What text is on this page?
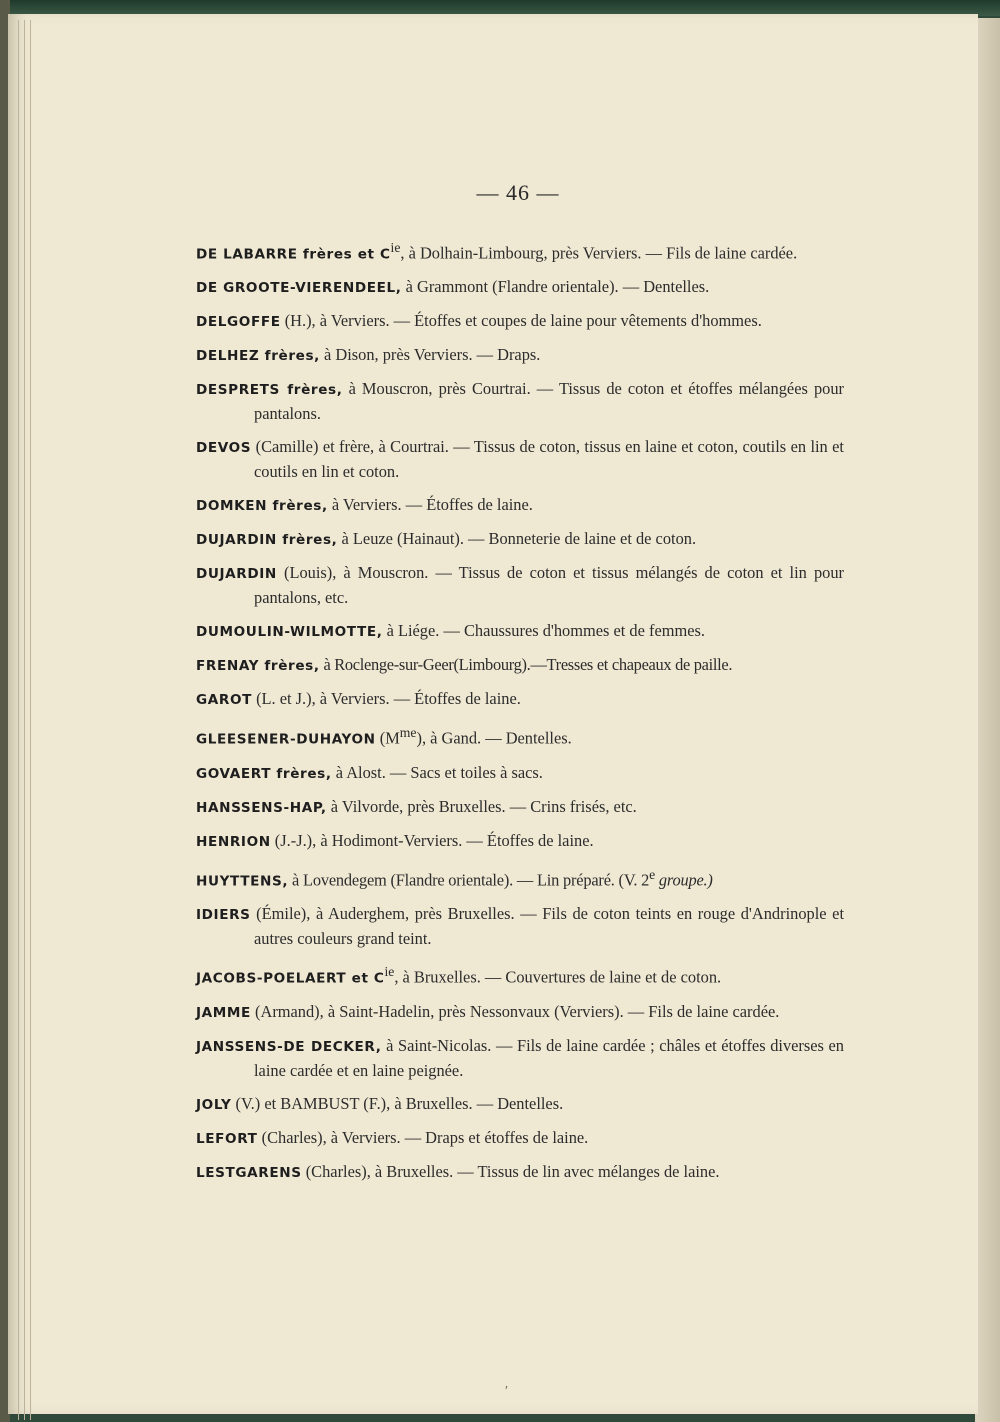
— 46 —

DE LABARRE frères et $C^{ie}$, à Dolhain-Limbourg, près Verviers. — Fils de laine cardée.

DE GROOTE-VIERENDEEL, à Grammont (Flandre orientale). — Dentelles.

DELGOFFE (H.), à Verviers. — Étoffes et coupes de laine pour vêtements d'hommes.

DELHEZ frères, à Dison, près Verviers. — Draps.

DESPRETS frères, à Mouscron, près Courtrai. — Tissus de coton et étoffes mélangées pour pantalons.

DEVOS (Camille) et frère, à Courtrai. — Tissus de coton, tissus en laine et coton, coutils en lin et coutils en lin et coton.

DOMKEN frères, à Verviers. — Étoffes de laine.

DUJARDIN frères, à Leuze (Hainaut). — Bonneterie de laine et de coton.

DUJARDIN (Louis), à Mouscron. — Tissus de coton et tissus mélangés de coton et lin pour pantalons, etc.

DUMOULIN-WILMOTTE, à Liége. — Chaussures d'hommes et de femmes.

FRENAY frères, à Roclenge-sur-Geer(Limbourg).—Tresses et chapeaux de paille.

GAROT (L. et J.), à Verviers. — Étoffes de laine.

GLEESENER-DUHAYON $(M^{me})$, à Gand. — Dentelles.

GOVAERT frères, à Alost. — Sacs et toiles à sacs.

HANSSENS-HAP, à Vilvorde, près Bruxelles. — Crins frisés, etc.

HENRION (J.-J.), à Hodimont-Verviers. — Étoffes de laine.

HUYTTENS, à Lovendegem (Flandre orientale). — Lin préparé. (V. 2e groupe.)

IDIERS (Émile), à Auderghem, près Bruxelles. — Fils de coton teints en rouge d'Andrinople et autres couleurs grand teint.

JACOBS-POELAERT et $C^{ie}$, à Bruxelles. — Couvertures de laine et de coton.

JAMME (Armand), à Saint-Hadelin, près Nessonvaux (Verviers). — Fils de laine cardée.

JANSSENS-DE DECKER, à Saint-Nicolas. — Fils de laine cardée ; châles et étoffes diverses en laine cardée et en laine peignée.

JOLY (V.) et BAMBUST (F.), à Bruxelles. — Dentelles.

LEFORT (Charles), à Verviers. — Draps et étoffes de laine.

LESTGARENS (Charles), à Bruxelles. — Tissus de lin avec mélanges de laine.

′
